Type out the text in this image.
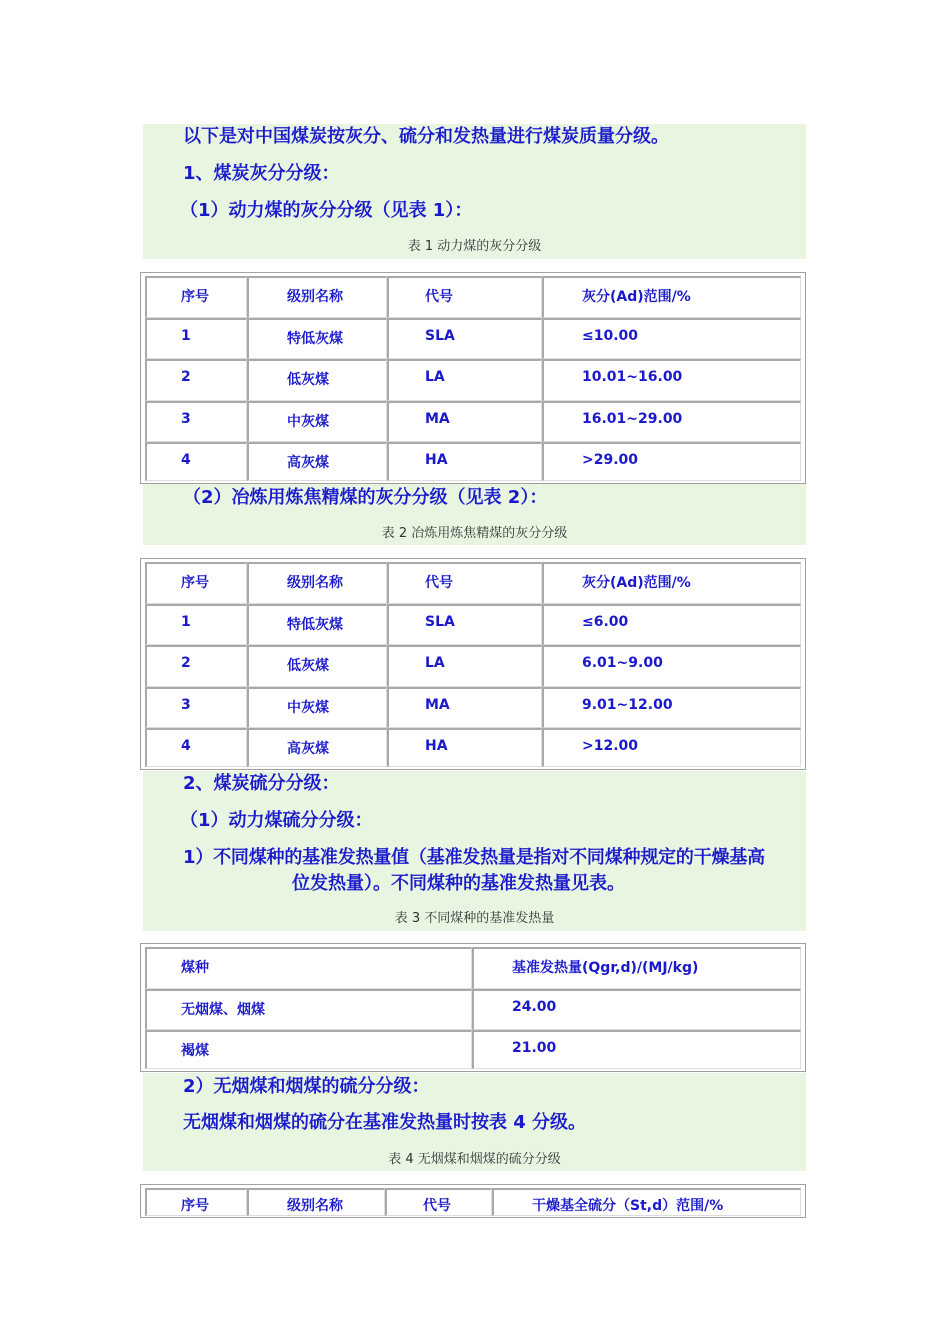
以下是对中国煤炭按灰分、硫分和发热量进行煤炭质量分级。
1、煤炭灰分分级：
（1）动力煤的灰分分级（见表 1）：
表 1 动力煤的灰分分级
序号	级别名称	代号	灰分(Ad)范围/%
1	特低灰煤	SLA	≤10.00
2	低灰煤	LA	10.01~16.00
3	中灰煤	MA	16.01~29.00
4	高灰煤	HA	>29.00
（2）冶炼用炼焦精煤的灰分分级（见表 2）：
表 2 冶炼用炼焦精煤的灰分分级
序号	级别名称	代号	灰分(Ad)范围/%
1	特低灰煤	SLA	≤6.00
2	低灰煤	LA	6.01~9.00
3	中灰煤	MA	9.01~12.00
4	高灰煤	HA	>12.00
2、煤炭硫分分级：
（1）动力煤硫分分级：
1）不同煤种的基准发热量值（基准发热量是指对不同煤种规定的干燥基高
位发热量）。不同煤种的基准发热量见表。
表 3 不同煤种的基准发热量
煤种	基准发热量(Qgr,d)/(MJ/kg)
无烟煤、烟煤	24.00
褐煤	21.00
2）无烟煤和烟煤的硫分分级：
无烟煤和烟煤的硫分在基准发热量时按表 4 分级。
表 4 无烟煤和烟煤的硫分分级
序号	级别名称	代号	干燥基全硫分（St,d）范围/%
